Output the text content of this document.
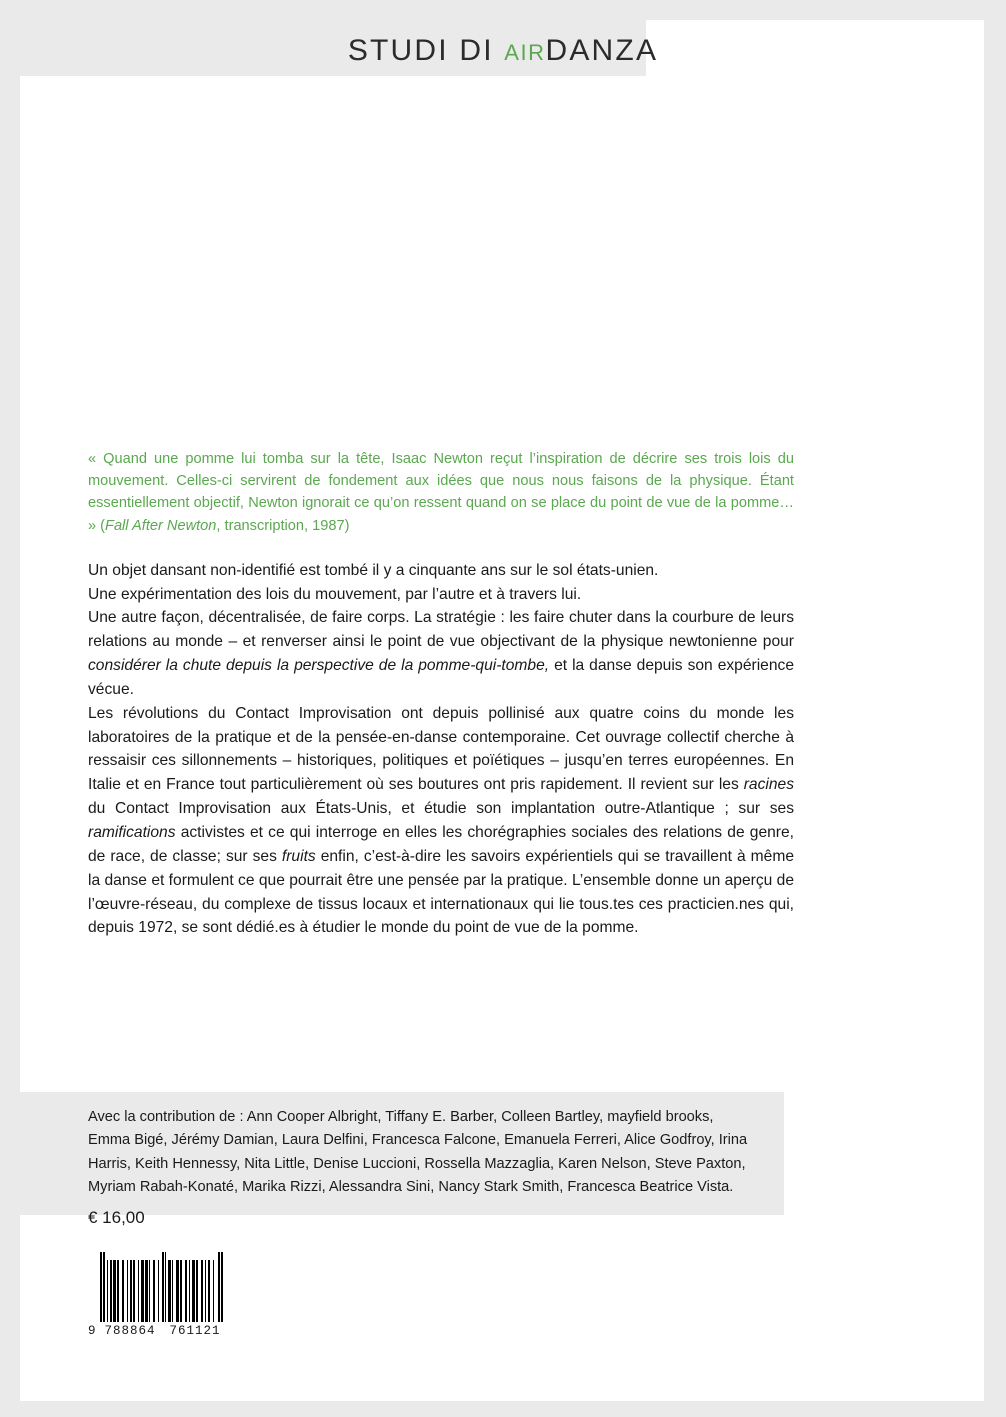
STUDI DI AIRDANZA

« Quand une pomme lui tomba sur la tête, Isaac Newton reçut l’inspiration de décrire ses trois lois du mouvement. Celles-ci servirent de fondement aux idées que nous nous faisons de la physique. Étant essentiellement objectif, Newton ignorait ce qu’on ressent quand on se place du point de vue de la pomme… » (Fall After Newton, transcription, 1987)

Un objet dansant non-identifié est tombé il y a cinquante ans sur le sol états-unien.

Une expérimentation des lois du mouvement, par l’autre et à travers lui.

Une autre façon, décentralisée, de faire corps. La stratégie : les faire chuter dans la courbure de leurs relations au monde – et renverser ainsi le point de vue objectivant de la physique newtonienne pour considérer la chute depuis la perspective de la pomme-qui-tombe, et la danse depuis son expérience vécue.

Les révolutions du Contact Improvisation ont depuis pollinisé aux quatre coins du monde les laboratoires de la pratique et de la pensée-en-danse contemporaine. Cet ouvrage collectif cherche à ressaisir ces sillonnements – historiques, politiques et poïétiques – jusqu’en terres européennes. En Italie et en France tout particulièrement où ses boutures ont pris rapidement. Il revient sur les racines du Contact Improvisation aux États-Unis, et étudie son implantation outre-Atlantique ; sur ses ramifications activistes et ce qui interroge en elles les chorégraphies sociales des relations de genre, de race, de classe; sur ses fruits enfin, c’est-à-dire les savoirs expérientiels qui se travaillent à même la danse et formulent ce que pourrait être une pensée par la pratique. L’ensemble donne un aperçu de l’œuvre-réseau, du complexe de tissus locaux et internationaux qui lie tous.tes ces practicien.nes qui, depuis 1972, se sont dédié.es à étudier le monde du point de vue de la pomme.

Avec la contribution de : Ann Cooper Albright, Tiffany E. Barber, Colleen Bartley, mayfield brooks, Emma Bigé, Jérémy Damian, Laura Delfini, Francesca Falcone, Emanuela Ferreri, Alice Godfroy, Irina Harris, Keith Hennessy, Nita Little, Denise Luccioni, Rossella Mazzaglia, Karen Nelson, Steve Paxton, Myriam Rabah-Konaté, Marika Rizzi, Alessandra Sini, Nancy Stark Smith, Francesca Beatrice Vista.
€ 16,00
9 788864 761121
